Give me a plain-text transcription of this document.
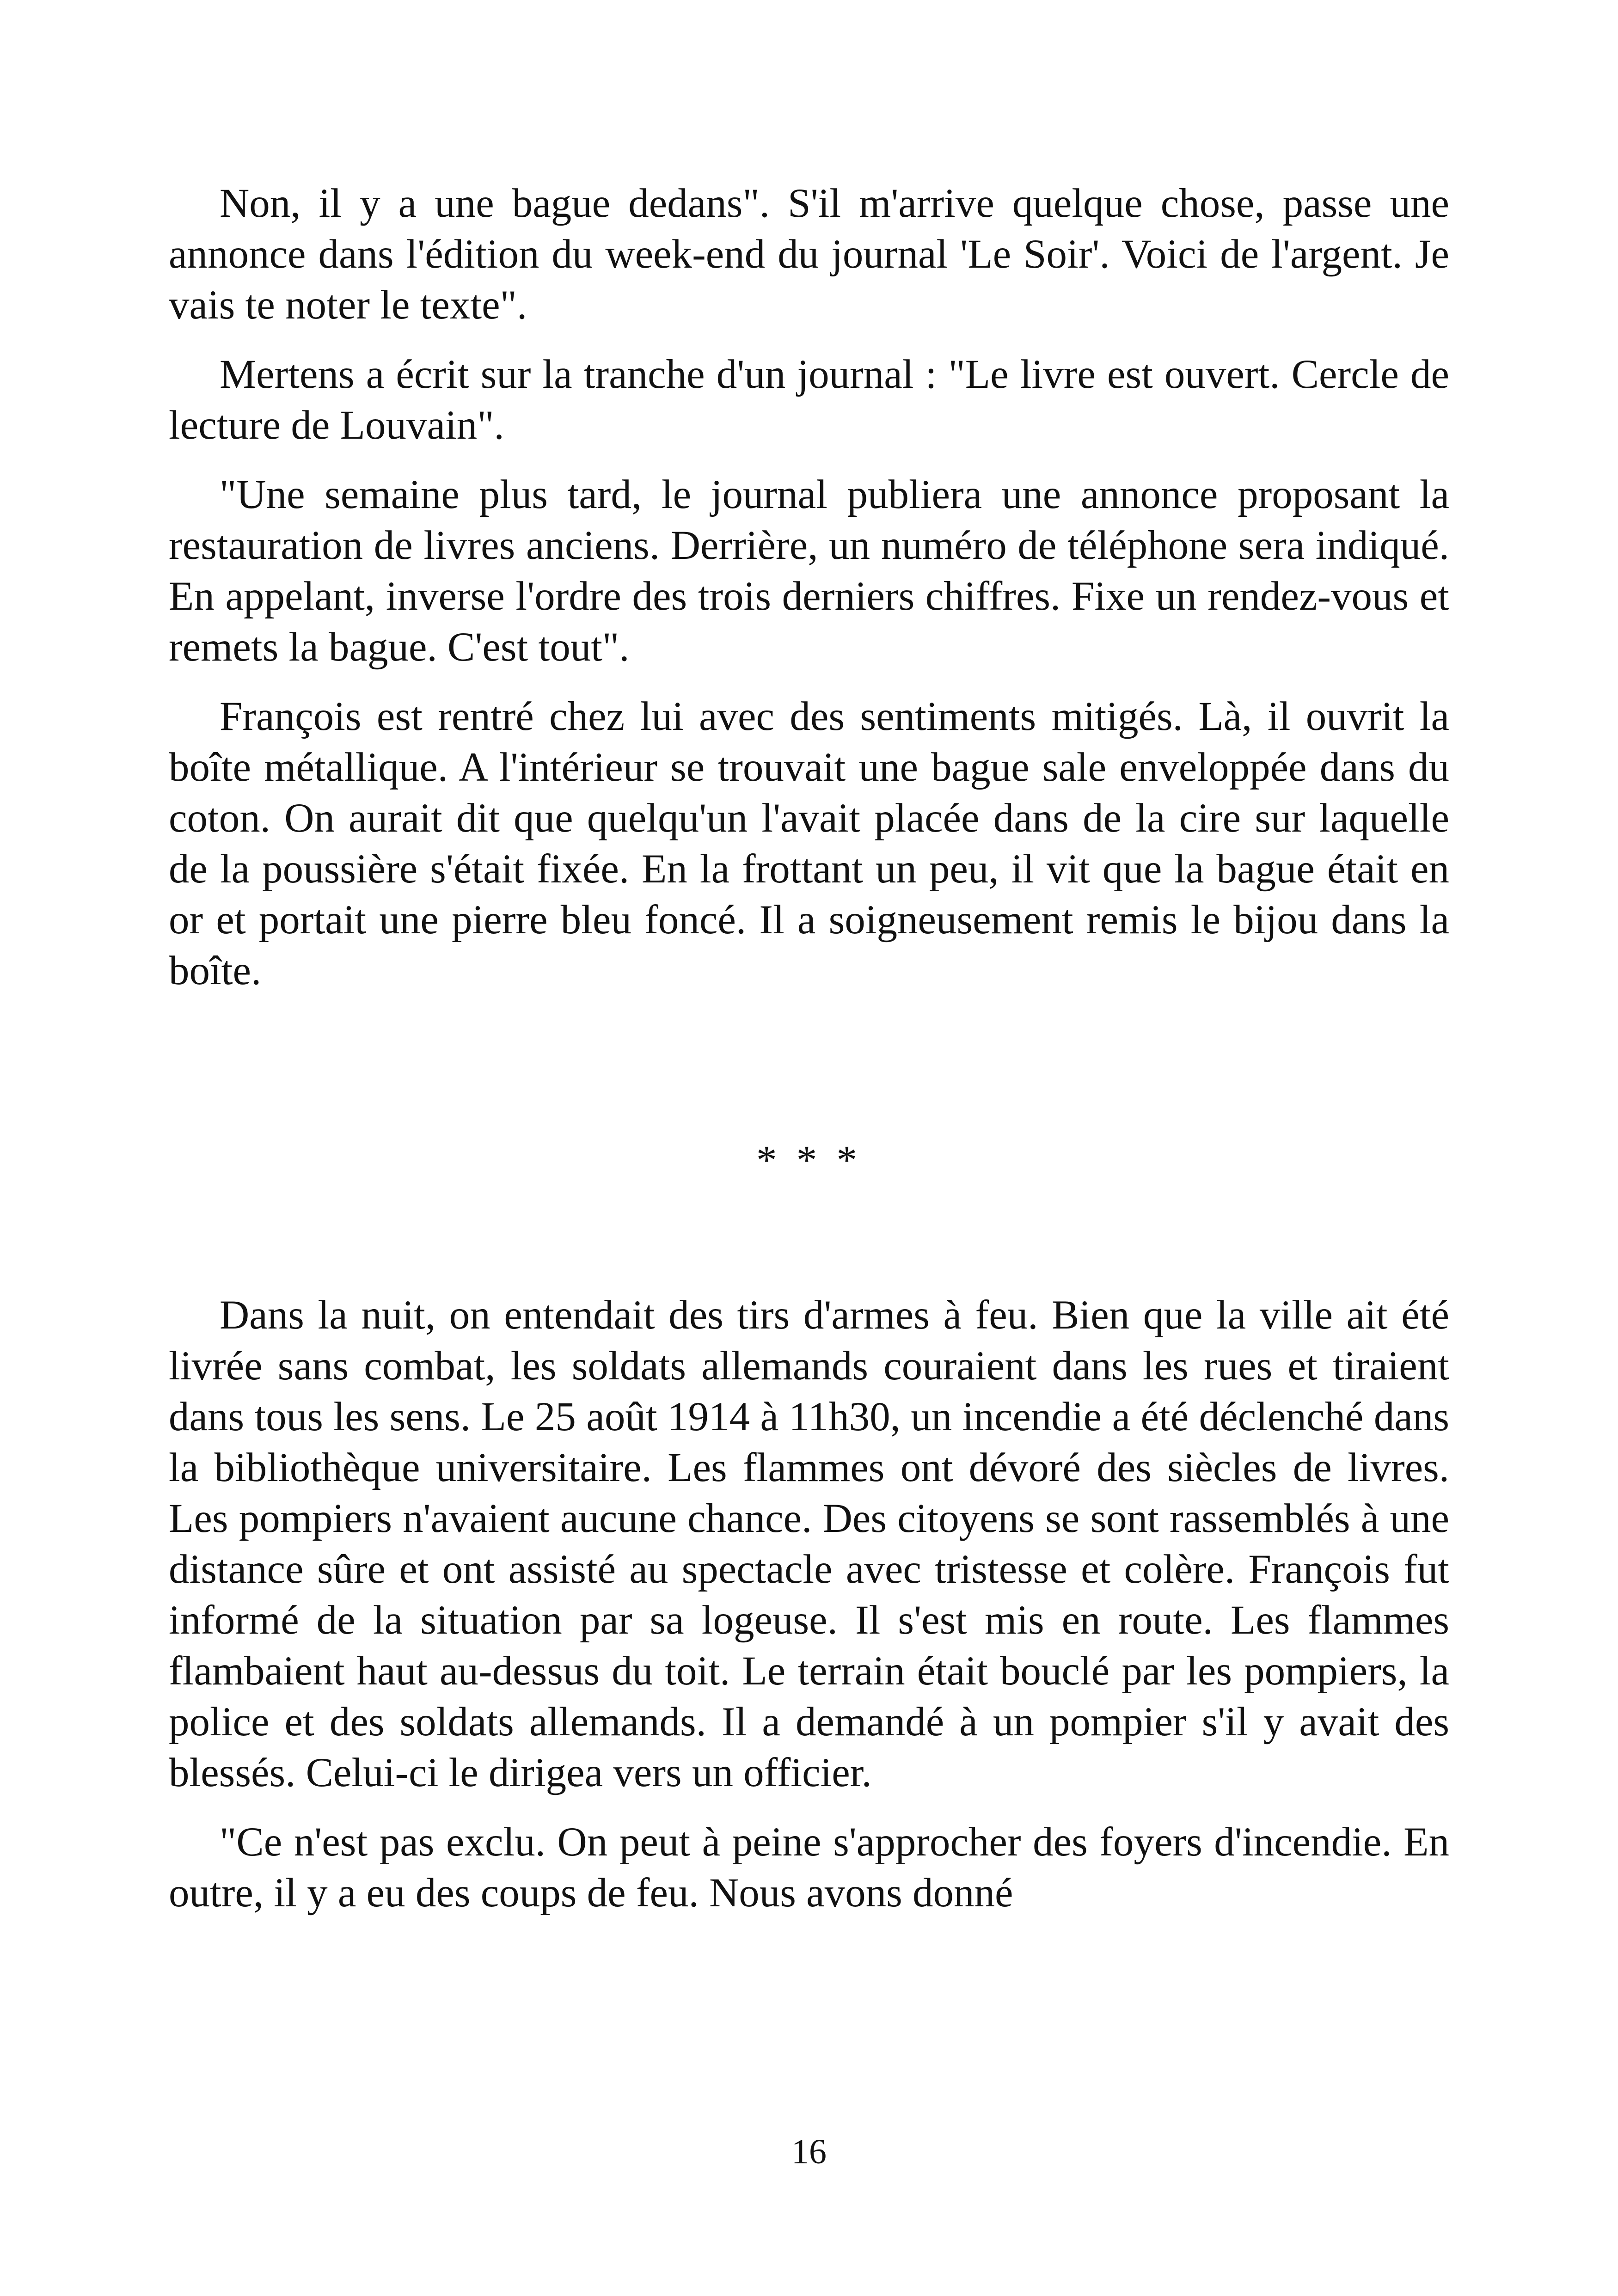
Non, il y a une bague dedans". S'il m'arrive quelque chose, passe une annonce dans l'édition du week-end du journal 'Le Soir'. Voici de l'argent. Je vais te noter le texte".

Mertens a écrit sur la tranche d'un journal : "Le livre est ouvert. Cercle de lecture de Louvain".

"Une semaine plus tard, le journal publiera une annonce proposant la restauration de livres anciens. Derrière, un numéro de téléphone sera indiqué. En appelant, inverse l'ordre des trois derniers chiffres. Fixe un rendez-vous et remets la bague. C'est tout".

François est rentré chez lui avec des sentiments mitigés. Là, il ouvrit la boîte métallique. A l'intérieur se trouvait une bague sale enveloppée dans du coton. On aurait dit que quelqu'un l'avait placée dans de la cire sur laquelle de la poussière s'était fixée. En la frottant un peu, il vit que la bague était en or et portait une pierre bleu foncé. Il a soigneusement remis le bijou dans la boîte.

* * *

Dans la nuit, on entendait des tirs d'armes à feu. Bien que la ville ait été livrée sans combat, les soldats allemands couraient dans les rues et tiraient dans tous les sens. Le 25 août 1914 à 11h30, un incendie a été déclenché dans la bibliothèque universitaire. Les flammes ont dévoré des siècles de livres. Les pompiers n'avaient aucune chance. Des citoyens se sont rassemblés à une distance sûre et ont assisté au spectacle avec tristesse et colère. François fut informé de la situation par sa logeuse. Il s'est mis en route. Les flammes flambaient haut au-dessus du toit. Le terrain était bouclé par les pompiers, la police et des soldats allemands. Il a demandé à un pompier s'il y avait des blessés. Celui-ci le dirigea vers un officier.

"Ce n'est pas exclu. On peut à peine s'approcher des foyers d'incendie. En outre, il y a eu des coups de feu. Nous avons donné

16
